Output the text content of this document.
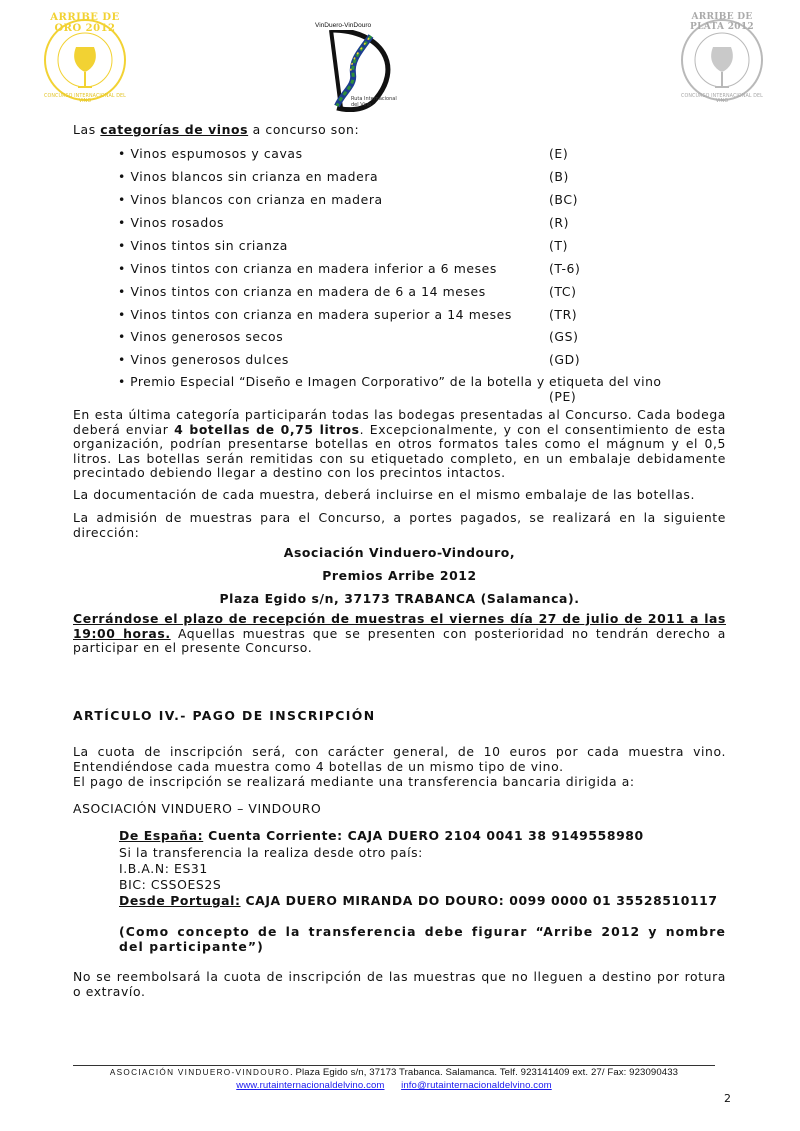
ARRIBE DE ORO 2012
CONCURSO INTERNACIONAL DEL VINO
VinDuero-VinDouro
Ruta Internacional del Vino
ARRIBE DE PLATA 2012
CONCURSO INTERNACIONAL DEL VINO
Las categorías de vinos a concurso son:
• Vinos espumosos y cavas	(E)
• Vinos blancos sin crianza en madera	(B)
• Vinos blancos con crianza en madera	(BC)
• Vinos rosados	(R)
• Vinos tintos sin crianza	(T)
• Vinos tintos con crianza en madera inferior a 6 meses	(T-6)
• Vinos tintos con crianza en madera de 6 a 14 meses	(TC)
• Vinos tintos con crianza en madera superior a 14 meses	(TR)
• Vinos generosos secos	(GS)
• Vinos generosos dulces	(GD)
• Premio Especial “Diseño e Imagen Corporativo” de la botella y etiqueta del vino
(PE)
En esta última categoría participarán todas las bodegas presentadas al Concurso. Cada bodega deberá enviar 4 botellas de 0,75 litros. Excepcionalmente, y con el consentimiento de esta organización, podrían presentarse botellas en otros formatos tales como el mágnum y el 0,5 litros. Las botellas serán remitidas con su etiquetado completo, en un embalaje debidamente precintado debiendo llegar a destino con los precintos intactos.
La documentación de cada muestra, deberá incluirse en el mismo embalaje de las botellas.
La admisión de muestras para el Concurso, a portes pagados, se realizará en la siguiente dirección:
Asociación Vinduero-Vindouro,
Premios Arribe 2012
Plaza Egido s/n, 37173 TRABANCA (Salamanca).
Cerrándose el plazo de recepción de muestras el viernes día 27 de julio de 2011 a las 19:00 horas. Aquellas muestras que se presenten con posterioridad no tendrán derecho a participar en el presente Concurso.
ARTÍCULO IV.- PAGO DE INSCRIPCIÓN
La cuota de inscripción será, con carácter general, de 10 euros por cada muestra vino. Entendiéndose cada muestra como 4 botellas de un mismo tipo de vino.
El pago de inscripción se realizará mediante una transferencia bancaria dirigida a:
ASOCIACIÓN VINDUERO – VINDOURO
De España: Cuenta Corriente: CAJA DUERO 2104 0041 38 9149558980
Si la transferencia la realiza desde otro país:
I.B.A.N: ES31
BIC: CSSOES2S
Desde Portugal: CAJA DUERO MIRANDA DO DOURO: 0099 0000 01 35528510117
(Como concepto de la transferencia debe figurar “Arribe 2012 y nombre del participante”)
No se reembolsará la cuota de inscripción de las muestras que no lleguen a destino por rotura o extravío.
ASOCIACIÓN VINDUERO-VINDOURO. Plaza Egido s/n, 37173 Trabanca. Salamanca. Telf. 923141409 ext. 27/ Fax: 923090433
www.rutainternacionaldelvino.com info@rutainternacionaldelvino.com
2
